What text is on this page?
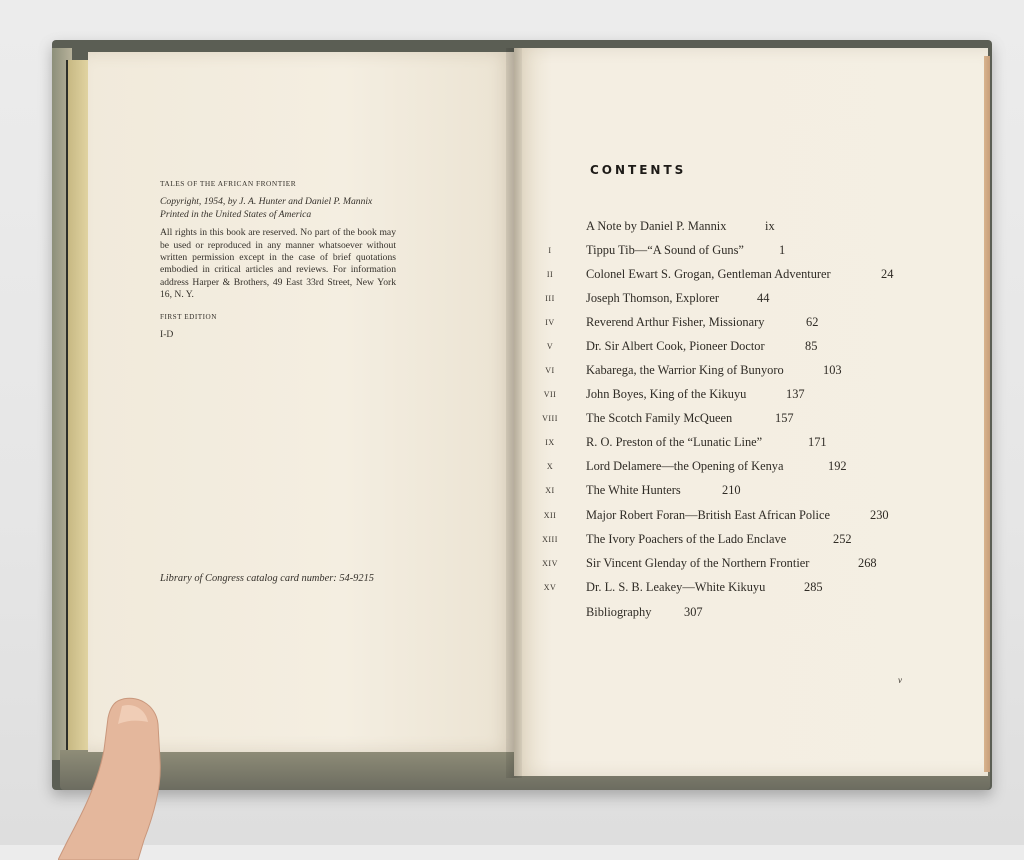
TALES OF THE AFRICAN FRONTIER
Copyright, 1954, by J. A. Hunter and Daniel P. Mannix
Printed in the United States of America
All rights in this book are reserved. No part of the book may be used or reproduced in any manner whatsoever without written permission except in the case of brief quotations embodied in critical articles and reviews. For information address Harper & Brothers, 49 East 33rd Street, New York 16, N. Y.
FIRST EDITION
I-D
Library of Congress catalog card number: 54-9215
CONTENTS
A Note by Daniel P. Mannix	ix
I	Tippu Tib—“A Sound of Guns”	1
II	Colonel Ewart S. Grogan, Gentleman Adventurer	24
III	Joseph Thomson, Explorer	44
IV	Reverend Arthur Fisher, Missionary	62
V	Dr. Sir Albert Cook, Pioneer Doctor	85
VI	Kabarega, the Warrior King of Bunyoro	103
VII	John Boyes, King of the Kikuyu	137
VIII	The Scotch Family McQueen	157
IX	R. O. Preston of the “Lunatic Line”	171
X	Lord Delamere—the Opening of Kenya	192
XI	The White Hunters	210
XII	Major Robert Foran—British East African Police	230
XIII	The Ivory Poachers of the Lado Enclave	252
XIV	Sir Vincent Glenday of the Northern Frontier	268
XV	Dr. L. S. B. Leakey—White Kikuyu	285
Bibliography	307
v
